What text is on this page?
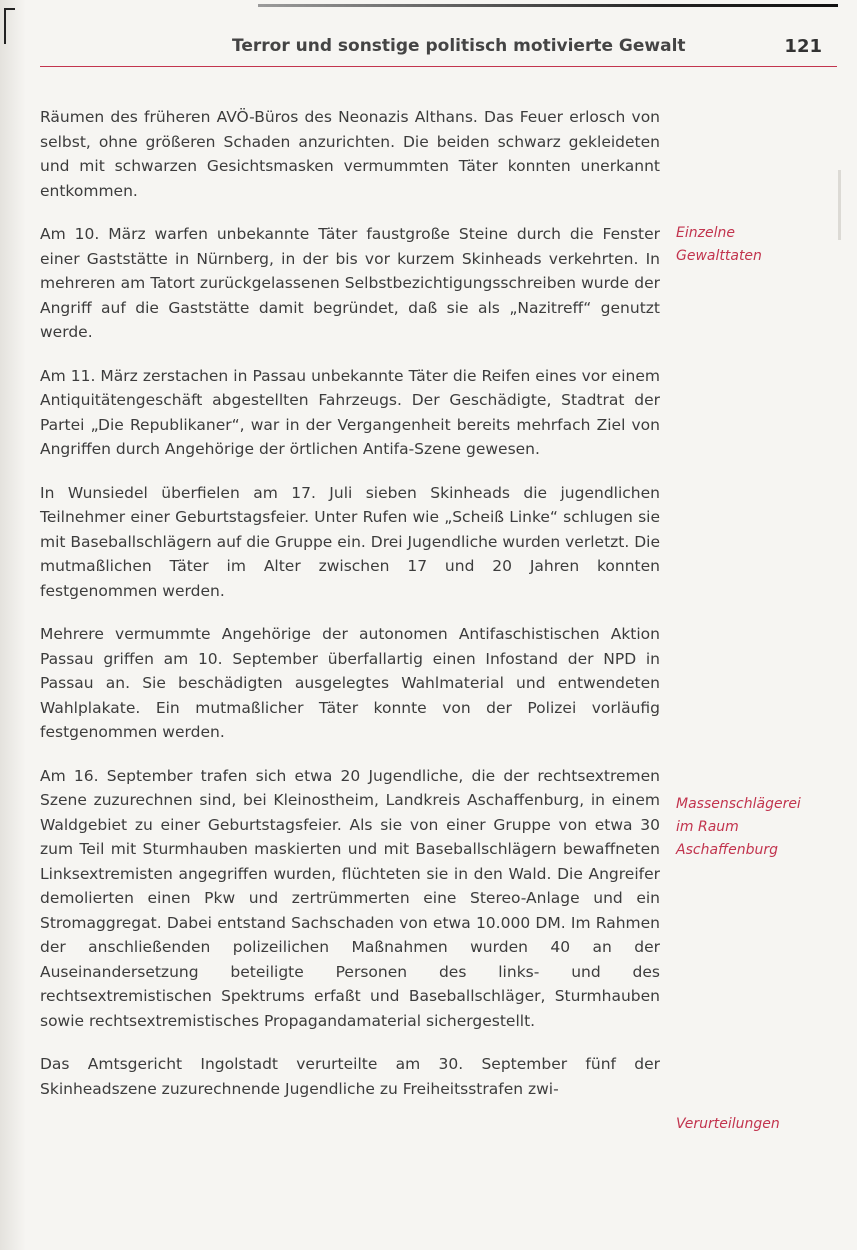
Terror und sonstige politisch motivierte Gewalt	121

Räumen des früheren AVÖ-Büros des Neonazis Althans. Das Feuer erlosch von selbst, ohne größeren Schaden anzurichten. Die beiden schwarz gekleideten und mit schwarzen Gesichtsmasken vermummten Täter konnten unerkannt entkommen.

Am 10. März warfen unbekannte Täter faustgroße Steine durch die Fenster einer Gaststätte in Nürnberg, in der bis vor kurzem Skinheads verkehrten. In mehreren am Tatort zurückgelassenen Selbstbezichtigungsschreiben wurde der Angriff auf die Gaststätte damit begründet, daß sie als „Nazitreff“ genutzt werde.

Am 11. März zerstachen in Passau unbekannte Täter die Reifen eines vor einem Antiquitätengeschäft abgestellten Fahrzeugs. Der Geschädigte, Stadtrat der Partei „Die Republikaner“, war in der Vergangenheit bereits mehrfach Ziel von Angriffen durch Angehörige der örtlichen Antifa-Szene gewesen.

In Wunsiedel überfielen am 17. Juli sieben Skinheads die jugendlichen Teilnehmer einer Geburtstagsfeier. Unter Rufen wie „Scheiß Linke“ schlugen sie mit Baseballschlägern auf die Gruppe ein. Drei Jugendliche wurden verletzt. Die mutmaßlichen Täter im Alter zwischen 17 und 20 Jahren konnten festgenommen werden.

Mehrere vermummte Angehörige der autonomen Antifaschistischen Aktion Passau griffen am 10. September überfallartig einen Infostand der NPD in Passau an. Sie beschädigten ausgelegtes Wahlmaterial und entwendeten Wahlplakate. Ein mutmaßlicher Täter konnte von der Polizei vorläufig festgenommen werden.

Am 16. September trafen sich etwa 20 Jugendliche, die der rechtsextremen Szene zuzurechnen sind, bei Kleinostheim, Landkreis Aschaffenburg, in einem Waldgebiet zu einer Geburtstagsfeier. Als sie von einer Gruppe von etwa 30 zum Teil mit Sturmhauben maskierten und mit Baseballschlägern bewaffneten Linksextremisten angegriffen wurden, flüchteten sie in den Wald. Die Angreifer demolierten einen Pkw und zertrümmerten eine Stereo-Anlage und ein Stromaggregat. Dabei entstand Sachschaden von etwa 10.000 DM. Im Rahmen der anschließenden polizeilichen Maßnahmen wurden 40 an der Auseinandersetzung beteiligte Personen des links- und des rechtsextremistischen Spektrums erfaßt und Baseballschläger, Sturmhauben sowie rechtsextremistisches Propagandamaterial sichergestellt.

Das Amtsgericht Ingolstadt verurteilte am 30. September fünf der Skinheadszene zuzurechnende Jugendliche zu Freiheitsstrafen zwi-

Einzelne
Gewalttaten
Massenschlägerei
im Raum
Aschaffenburg
Verurteilungen
